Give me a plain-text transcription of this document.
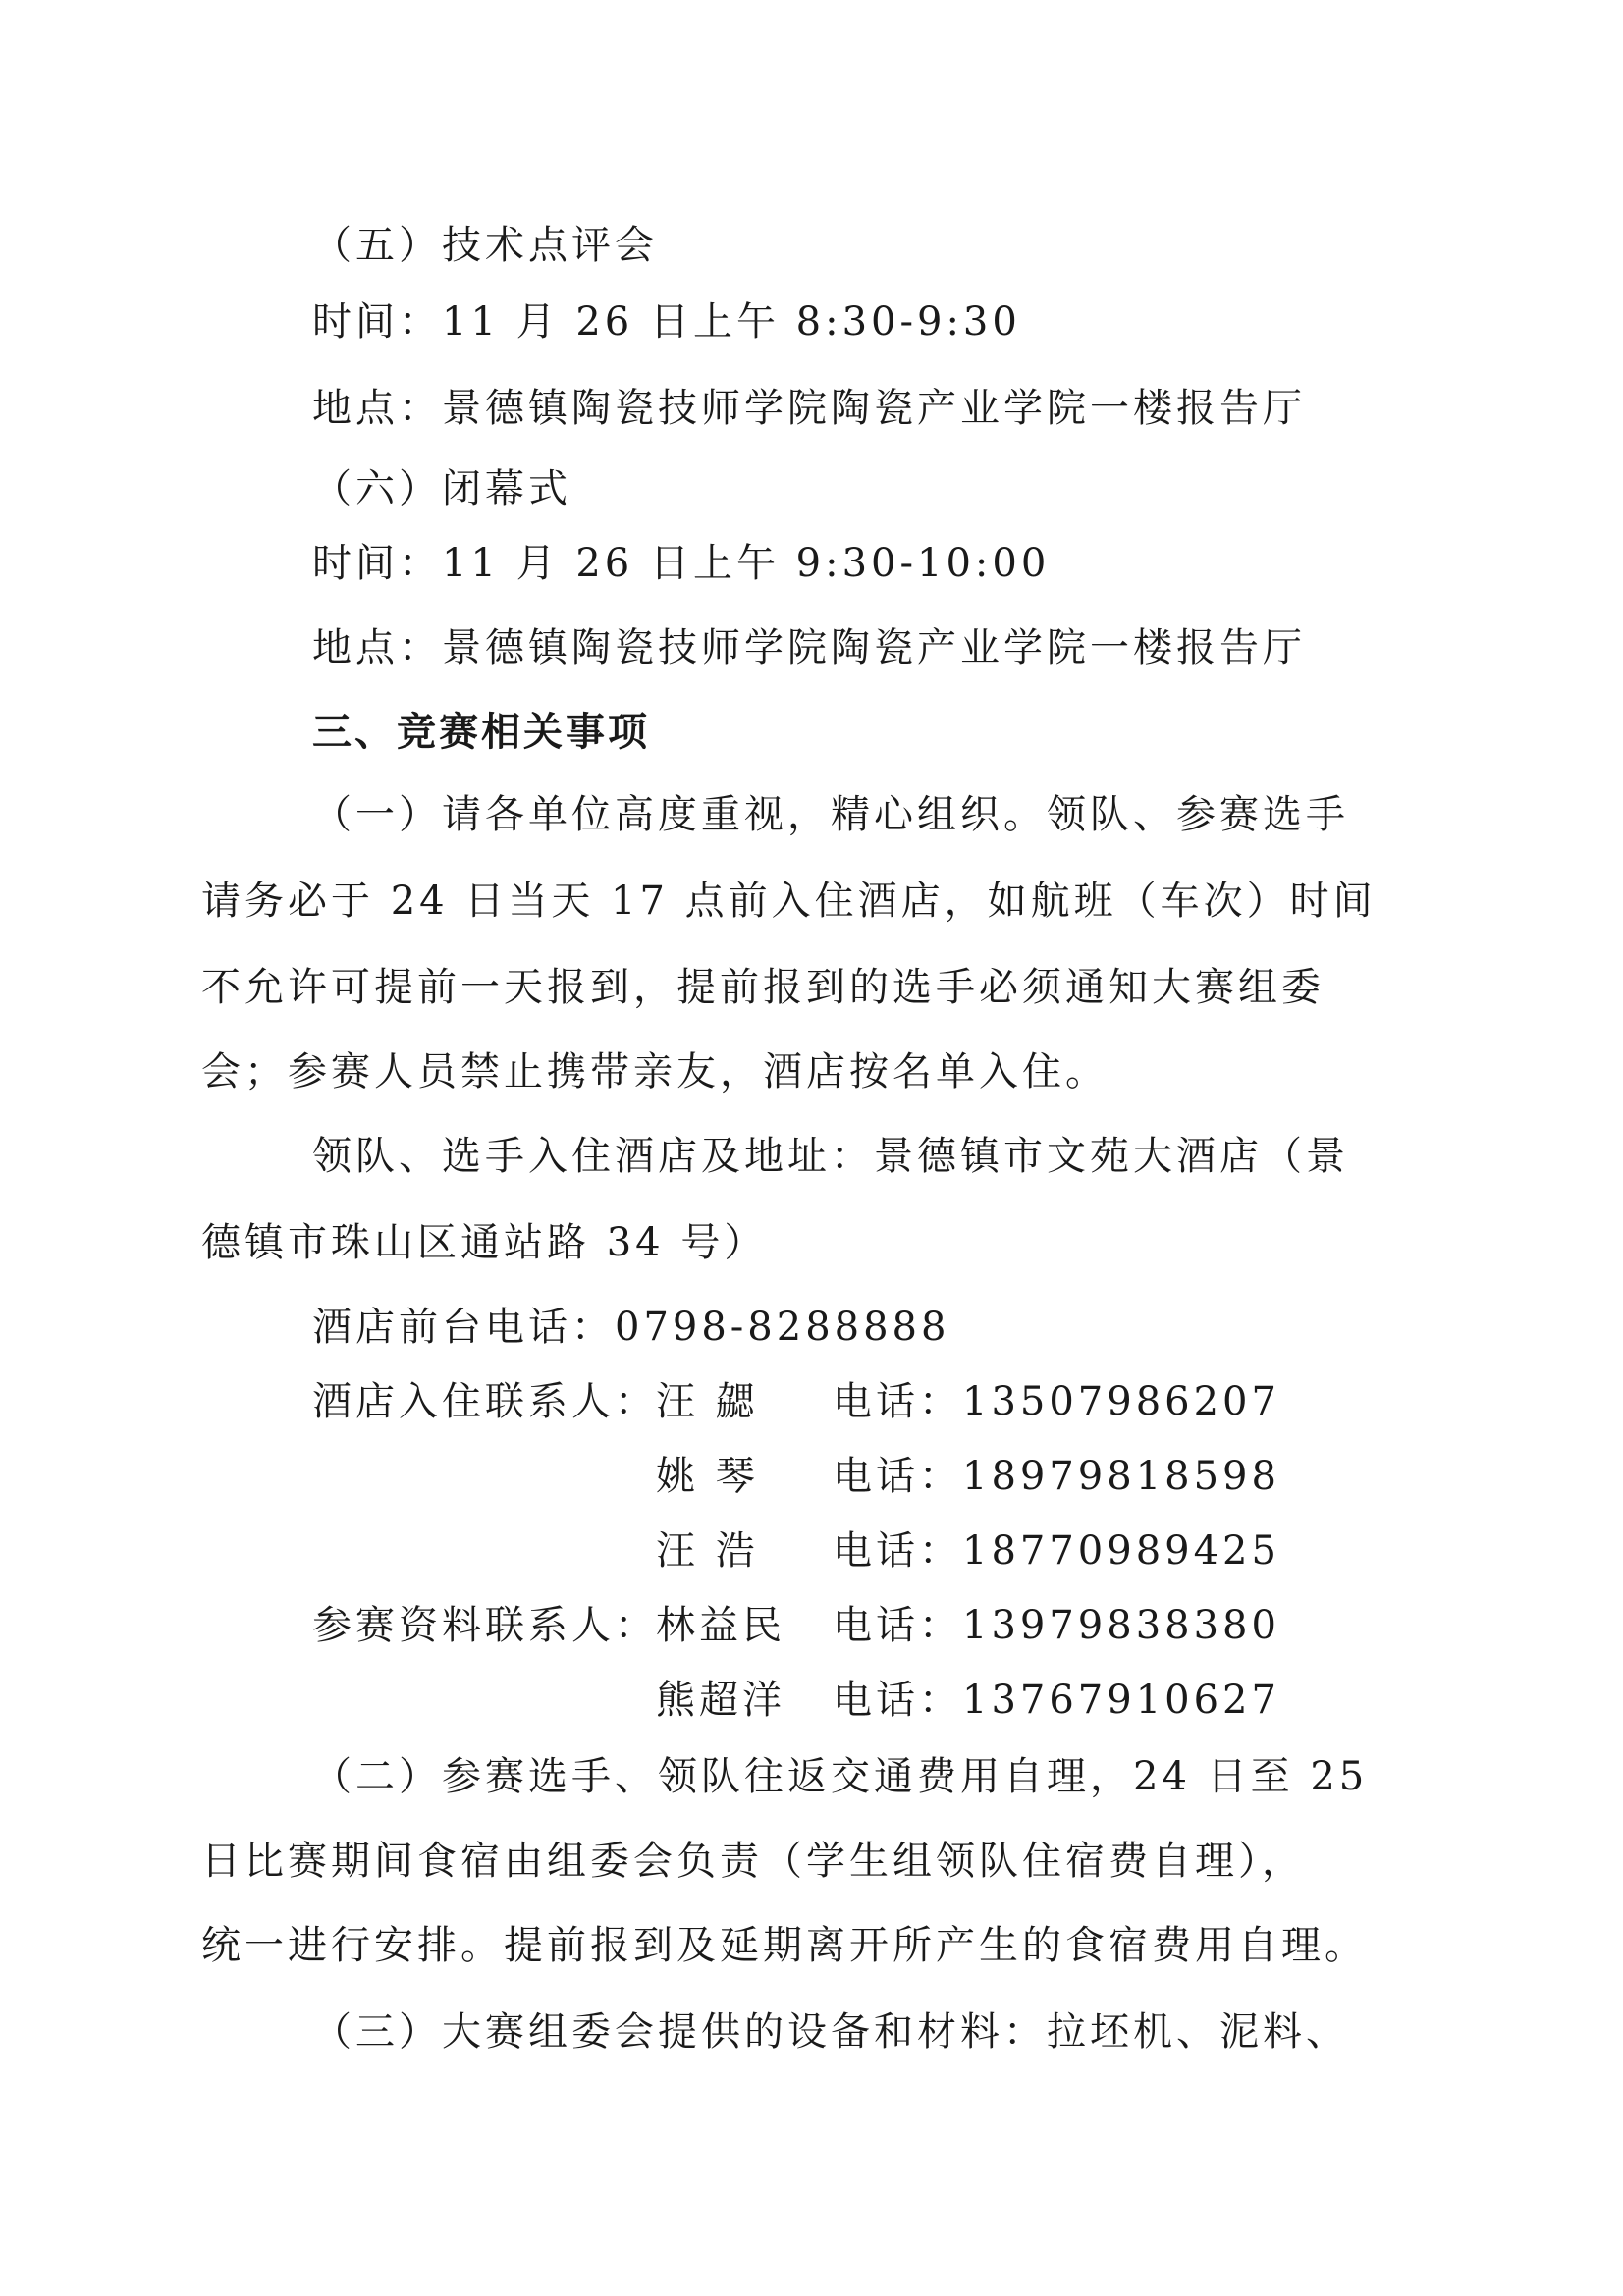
（五）技术点评会
时间：11 月 26 日上午 8:30-9:30
地点：景德镇陶瓷技师学院陶瓷产业学院一楼报告厅
（六）闭幕式
时间：11 月 26 日上午 9:30-10:00
地点：景德镇陶瓷技师学院陶瓷产业学院一楼报告厅
三、竞赛相关事项
（一）请各单位高度重视，精心组织。领队、参赛选手
请务必于 24 日当天 17 点前入住酒店，如航班（车次）时间
不允许可提前一天报到，提前报到的选手必须通知大赛组委
会；参赛人员禁止携带亲友，酒店按名单入住。
领队、选手入住酒店及地址：景德镇市文苑大酒店（景
德镇市珠山区通站路 34 号）
酒店前台电话：0798-8288888
酒店入住联系人：
汪 勰 电话：13507986207
姚 琴 电话：18979818598
汪 浩 电话：18770989425
参赛资料联系人：
林益民 电话：13979838380
熊超洋 电话：13767910627
（二）参赛选手、领队往返交通费用自理，24 日至 25
日比赛期间食宿由组委会负责（学生组领队住宿费自理），
统一进行安排。提前报到及延期离开所产生的食宿费用自理。
（三）大赛组委会提供的设备和材料：拉坯机、泥料、
